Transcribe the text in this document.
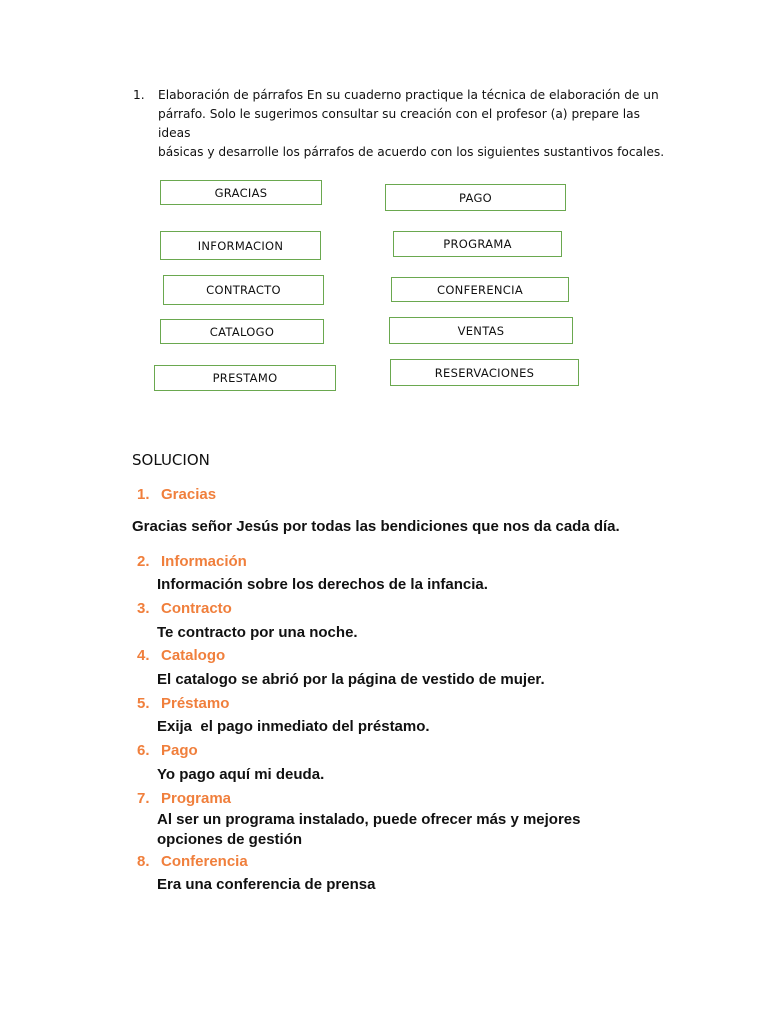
1. Elaboración de párrafos En su cuaderno practique la técnica de elaboración de un
párrafo. Solo le sugerimos consultar su creación con el profesor (a) prepare las ideas
básicas y desarrolle los párrafos de acuerdo con los siguientes sustantivos focales.
GRACIAS
INFORMACION
CONTRACTO
CATALOGO
PRESTAMO
PAGO
PROGRAMA
CONFERENCIA
VENTAS
RESERVACIONES
SOLUCION
1. Gracias
Gracias señor Jesús por todas las bendiciones que nos da cada día.
2. Información
Información sobre los derechos de la infancia.
3. Contracto
Te contracto por una noche.
4. Catalogo
El catalogo se abrió por la página de vestido de mujer.
5. Préstamo
Exija  el pago inmediato del préstamo.
6. Pago
Yo pago aquí mi deuda.
7. Programa
Al ser un programa instalado, puede ofrecer más y mejores
opciones de gestión
8. Conferencia
Era una conferencia de prensa
